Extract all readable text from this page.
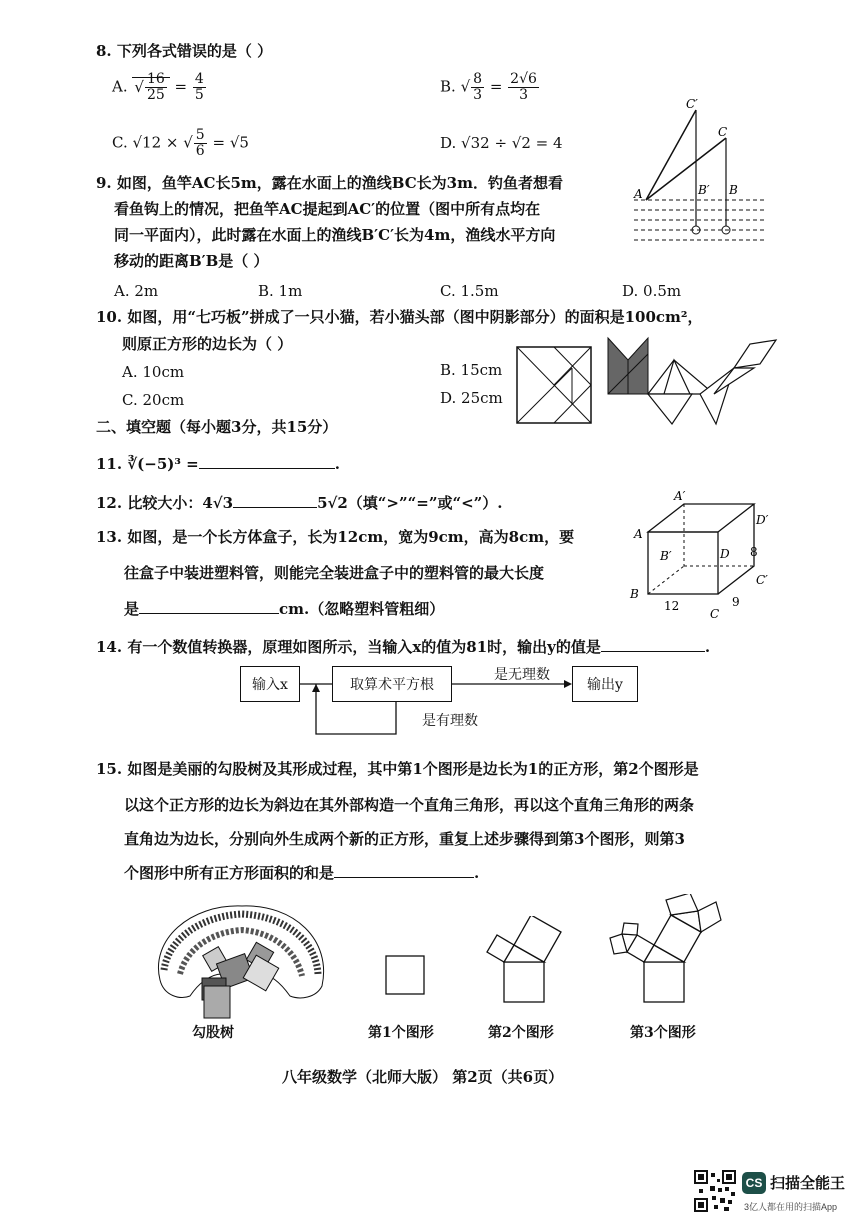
8. 下列各式错误的是（ ）
A. √ $\frac{16}{25} = \frac{4}{5}$	B. √ $\frac{8}{3} = \frac{2√6}{3}$
C. √12 × √ $\frac{5}{6} = √5$	D. √32 ÷ √2 = 4
A
C′
C
B′ B
9. 如图，鱼竿AC长5m，露在水面上的渔线BC长为3m．钓鱼者想看
看鱼钩上的情况，把鱼竿AC提起到AC′的位置（图中所有点均在
同一平面内），此时露在水面上的渔线B′C′长为4m，渔线水平方向
移动的距离B′B是（ ）
A. 2m	B. 1m	C. 1.5m	D. 0.5m
10. 如图，用“七巧板”拼成了一只小猫，若小猫头部（图中阴影部分）的面积是100cm²，
则原正方形的边长为（ ）
A. 10cm	B. 15cm
C. 20cm	D. 25cm
二、填空题（每小题3分，共15分）
11. ∛(−5)³ =	.
12. 比较大小：4√3	5√2（填“>”“=”或“<”）.
13. 如图，是一个长方体盒子，长为12cm，宽为9cm，高为8cm，要
往盒子中装进塑料管，则能完全装进盒子中的塑料管的最大长度
是	cm.（忽略塑料管粗细）
A
A′
D′
B′	D 8
C′
B
12	9
C
14. 有一个数值转换器，原理如图所示，当输入x的值为81时，输出y的值是	.
输入x	取算术平方根	输出y
是无理数
是有理数
15. 如图是美丽的勾股树及其形成过程，其中第1个图形是边长为1的正方形，第2个图形是
以这个正方形的边长为斜边在其外部构造一个直角三角形，再以这个直角三角形的两条
直角边为边长，分别向外生成两个新的正方形，重复上述步骤得到第3个图形，则第3
个图形中所有正方形面积的和是	.
勾股树	第1个图形	第2个图形	第3个图形
八年级数学（北师大版） 第2页（共6页）
CS 扫描全能王
3亿人都在用的扫描App
